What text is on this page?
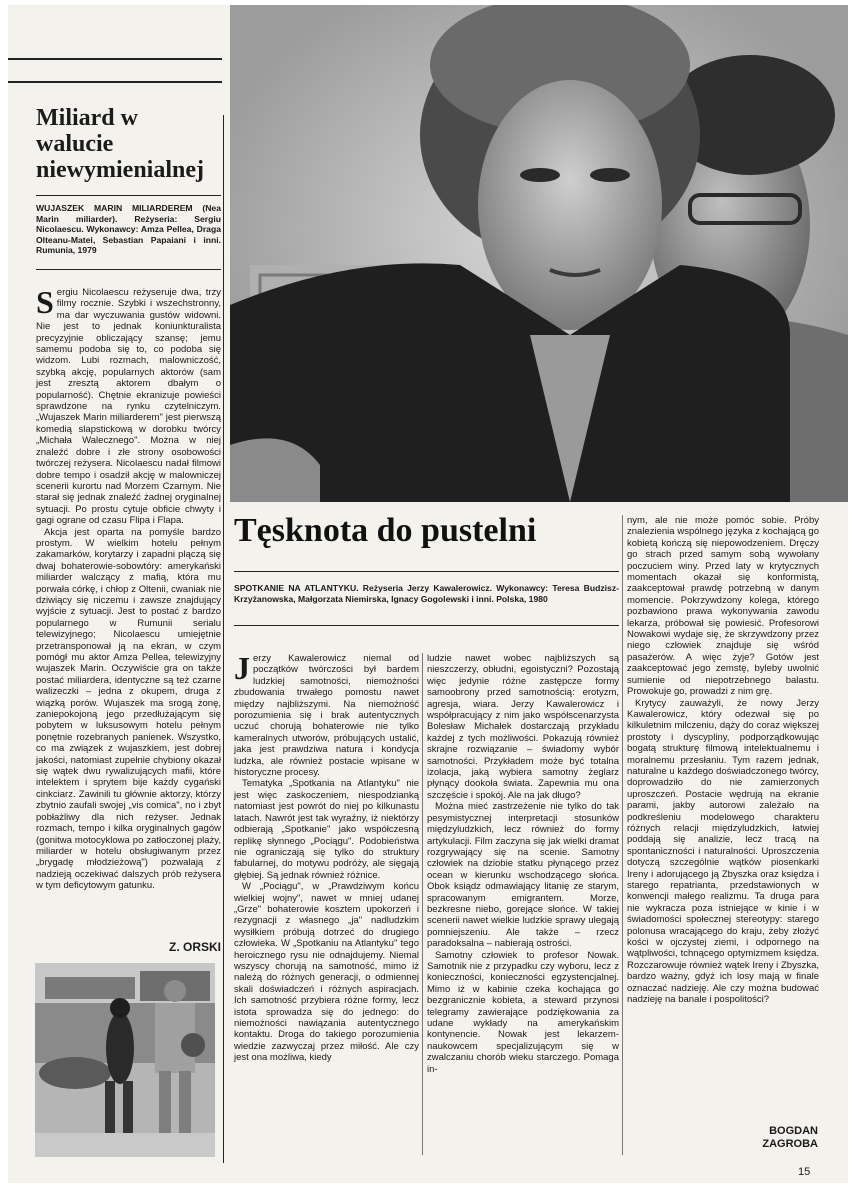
Miliard w walucie niewymienialnej
WUJASZEK MARIN MILIARDEREM (Nea Marin miliarder). Reżyseria: Sergiu Nicolaescu. Wykonawcy: Amza Pellea, Draga Olteanu-Matei, Sebastian Papaiani i inni. Rumunia, 1979

Sergiu Nicolaescu reżyseruje dwa, trzy filmy rocznie. Szybki i wszechstronny, ma dar wyczuwania gustów widowni. Nie jest to jednak koniunkturalista precyzyjnie obliczający szansę; jemu samemu podoba się to, co podoba się widzom. Lubi rozmach, malowniczość, szybką akcję, popularnych aktorów (sam jest zresztą aktorem dbałym o popularność). Chętnie ekranizuje powieści sprawdzone na rynku czytelniczym. „Wujaszek Marin miliarderem" jest pierwszą komedią slapstickową w dorobku twórcy „Michała Walecznego". Można w niej znaleźć dobre i złe strony osobowości twórczej reżysera. Nicolaescu nadał filmowi dobre tempo i osadził akcję w malowniczej scenerii kurortu nad Morzem Czarnym. Nie starał się jednak znaleźć żadnej oryginalnej sytuacji. Po prostu cytuje obficie chwyty i gagi ograne od czasu Flipa i Flapa.

Akcja jest oparta na pomyśle bardzo prostym. W wielkim hotelu pełnym zakamarków, korytarzy i zapadni plączą się dwaj bohaterowie-sobowtóry: amerykański miliarder walczący z mafią, która mu porwała córkę, i chłop z Oltenii, cwaniak nie dziwiący się niczemu i zawsze znajdujący wyjście z sytuacji. Jest to postać z bardzo popularnego w Rumunii serialu telewizyjnego; Nicolaescu umiejętnie przetransponował ją na ekran, w czym pomógł mu aktor Amza Pellea, telewizyjny wujaszek Marin. Oczywiście gra on także postać miliardera, identyczne są też czarne walizeczki – jedna z okupem, druga z wiązką porów. Wujaszek ma srogą żonę, zaniepokojoną jego przedłużającym się pobytem w luksusowym hotelu pełnym ponętnie rozebranych panienek. Wszystko, co ma związek z wujaszkiem, jest dobrej jakości, natomiast zupełnie chybiony okazał się wątek dwu rywalizujących mafii, które intelektem i sprytem bije każdy cygański cinkciarz. Zawinili tu głównie aktorzy, którzy zbytnio zaufali swojej „vis comica", no i zbyt pobłażliwy dla nich reżyser. Jednak rozmach, tempo i kilka oryginalnych gagów (gonitwa motocyklowa po zatłoczonej plaży, miliarder w hotelu obsługiwanym przez „brygadę młodzieżową") pozwalają z nadzieją oczekiwać dalszych prób reżysera w tym deficytowym gatunku.

Z. ORSKI
Tęsknota do pustelni
SPOTKANIE NA ATLANTYKU. Reżyseria Jerzy Kawalerowicz. Wykonawcy: Teresa Budzisz-Krzyżanowska, Małgorzata Niemirska, Ignacy Gogolewski i inni. Polska, 1980

Jerzy Kawalerowicz niemal od początków twórczości był bardem ludzkiej samotności, niemożności zbudowania trwałego pomostu nawet między najbliższymi. Na niemożność porozumienia się i brak autentycznych uczuć chorują bohaterowie nie tylko kameralnych utworów, próbujących ustalić, jaka jest prawdziwa natura i kondycja ludzka, ale również postacie wpisane w historyczne procesy.

Tematyka „Spotkania na Atlantyku" nie jest więc zaskoczeniem, niespodzianką natomiast jest powrót do niej po kilkunastu latach. Nawrót jest tak wyraźny, iż niektórzy odbierają „Spotkanie" jako współczesną replikę słynnego „Pociągu". Podobieństwa nie ograniczają się tylko do struktury fabularnej, do motywu podróży, ale sięgają głębiej. Są jednak również różnice.

W „Pociągu", w „Prawdziwym końcu wielkiej wojny", nawet w mniej udanej „Grze" bohaterowie kosztem upokorzeń i rezygnacji z własnego „ja" nadludzkim wysiłkiem próbują dotrzeć do drugiego człowieka. W „Spotkaniu na Atlantyku" tego heroicznego rysu nie odnajdujemy. Niemal wszyscy chorują na samotność, mimo iż należą do różnych generacji, o odmiennej skali doświadczeń i różnych aspiracjach. Ich samotność przybiera różne formy, lecz istota sprowadza się do jednego: do niemożności nawiązania autentycznego kontaktu. Droga do takiego porozumienia wiedzie zazwyczaj przez miłość. Ale czy jest ona możliwa, kiedy

ludzie nawet wobec najbliższych są nieszczerzy, obłudni, egoistyczni? Pozostają więc jedynie różne zastępcze formy samoobrony przed samotnością: erotyzm, agresja, wiara. Jerzy Kawalerowicz i współpracujący z nim jako współscenarzysta Bolesław Michałek dostarczają przykładu każdej z tych możliwości. Pokazują również skrajne rozwiązanie – świadomy wybór samotności. Przykładem może być totalna izolacja, jaką wybiera samotny żeglarz płynący dookoła świata. Zapewnia mu ona szczęście i spokój. Ale na jak długo?

Można mieć zastrzeżenie nie tylko do tak pesymistycznej interpretacji stosunków międzyludzkich, lecz również do formy artykulacji. Film zaczyna się jak wielki dramat rozgrywający się na scenie. Samotny człowiek na dziobie statku płynącego przez ocean w kierunku wschodzącego słońca. Obok ksiądz odmawiający litanię ze starym, spracowanym emigrantem. Morze, bezkresne niebo, gorejące słońce. W takiej scenerii nawet wielkie ludzkie sprawy ulegają pomniejszeniu. Ale także – rzecz paradoksalna – nabierają ostrości.

Samotny człowiek to profesor Nowak. Samotnik nie z przypadku czy wyboru, lecz z konieczności, konieczności egzystencjalnej. Mimo iż w kabinie czeka kochająca go bezgranicznie kobieta, a steward przynosi telegramy zawierające podziękowania za udane wykłady na amerykańskim kontynencie. Nowak jest lekarzem-naukowcem specjalizującym się w zwalczaniu chorób wieku starczego. Pomaga in-

nym, ale nie może pomóc sobie. Próby znalezienia wspólnego języka z kochającą go kobietą kończą się niepowodzeniem. Dręczy go strach przed samym sobą wywołany poczuciem winy. Przed laty w krytycznych momentach okazał się konformistą, zaakceptował prawdę potrzebną w danym momencie. Pokrzywdzony kolega, którego pozbawiono prawa wykonywania zawodu lekarza, próbował się powiesić. Profesorowi Nowakowi wydaje się, że skrzywdzony przez niego człowiek znajduje się wśród pasażerów. A więc żyje? Gotów jest zaakceptować jego zemstę, byleby uwolnić sumienie od niepotrzebnego balastu. Prowokuje go, prowadzi z nim grę.

Krytycy zauważyli, że nowy Jerzy Kawalerowicz, który odezwał się po kilkuletnim milczeniu, dąży do coraz większej prostoty i dyscypliny, podporządkowując bogatą strukturę filmową intelektualnemu i moralnemu przesłaniu. Tym razem jednak, naturalne u każdego doświadczonego twórcy, doprowadziło do nie zamierzonych uproszczeń. Postacie wędrują na ekranie parami, jakby autorowi zależało na podkreśleniu modelowego charakteru różnych relacji międzyludzkich, łatwiej poddają się analizie, lecz tracą na spontaniczności i naturalności. Uproszczenia dotyczą szczególnie wątków piosenkarki Ireny i adorującego ją Zbyszka oraz księdza i starego repatrianta, przedstawionych w konwencji małego realizmu. Ta druga para nie wykracza poza istniejące w kinie i w świadomości społecznej stereotypy: starego polonusa wracającego do kraju, żeby złożyć kości w ojczystej ziemi, i odpornego na wątpliwości, tchnącego optymizmem księdza. Rozczarowuje również wątek Ireny i Zbyszka, bardzo ważny, gdyż ich losy mają w finale oznaczać nadzieję. Ale czy można budować nadzieję na banale i pospolitości?

BOGDAN
ZAGROBA
15
